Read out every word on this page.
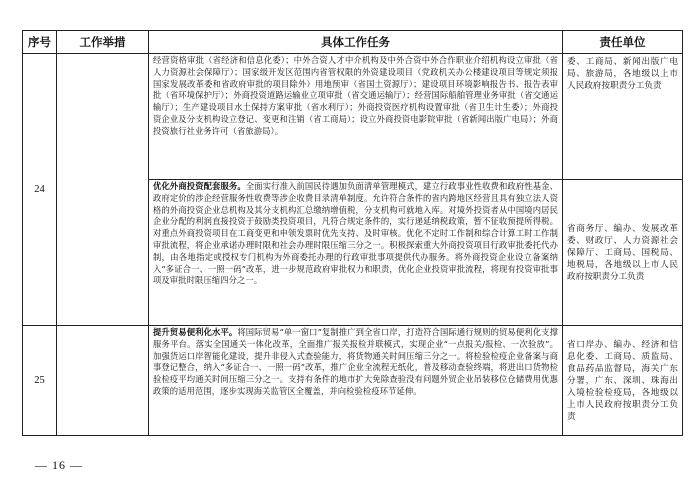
序号	工作举措	具体工作任务	责任单位
24		经营资格审批（省经济和信息化委）；中外合资人才中介机构及中外合资中外合作职业介绍机构设立审批（省人力资源社会保障厅）；国家级开发区范围内省管权限的外资建设项目（党政机关办公楼建设项目等规定须报国家发展改革委和省政府审批的项目除外）用地预审（省国土资源厅）；建设项目环境影响报告书、报告表审批（省环境保护厅）；外商投资道路运输业立项审批（省交通运输厅）；经营国际船舶管理业务审批（省交通运输厅）；生产建设项目水土保持方案审批（省水利厅）；外商投资医疗机构设置审批（省卫生计生委）；外商投资企业及分支机构设立登记、变更和注销（省工商局）；设立外商投资电影院审批（省新闻出版广电局）；外商投资旅行社业务许可（省旅游局）。	委、工商局、新闻出版广电局、旅游局，各地级以上市人民政府按职责分工负责
		优化外商投资配套服务。全面实行准入前国民待遇加负面清单管理模式，建立行政事业性收费和政府性基金、政府定价的涉企经营服务性收费等涉企收费目录清单制度。允许符合条件的省内跨地区经营且具有独立法人资格的外商投资企业总机构及其分支机构汇总缴纳增值税，分支机构可就地入库。对境外投资者从中国境内居民企业分配的利润直接投资于鼓励类投资项目，凡符合规定条件的，实行递延纳税政策，暂不征收预提所得税。对重点外商投资项目在工商变更和申领发票时优先支持、及时审核。优化不定时工作制和综合计算工时工作制审批流程，将企业承诺办理时限和社会办理时限压缩三分之一。积极探索重大外商投资项目行政审批委托代办制，由各地指定或授权专门机构为外商委托办理的行政审批事项提供代办服务。将外商投资企业设立备案纳入“多证合一、一照一码”改革，进一步规范政府审批权力和职责，优化企业投资审批流程，将现有投资审批事项及审批时限压缩四分之一。	省商务厅、编办、发展改革委、财政厅、人力资源社会保障厅、工商局、国税局、地税局，各地级以上市人民政府按职责分工负责
25		提升贸易便利化水平。将国际贸易“单一窗口”复制推广到全省口岸，打造符合国际通行规则的贸易便利化支撑服务平台。落实全国通关一体化改革，全面推广报关报检并联模式，实现企业“一点报关/报检、一次验放”。加强货运口岸智能化建设，提升非侵入式查验能力，将货物通关时间压缩三分之一。将检验检疫企业备案与商事登记整合，纳入“多证合一、一照一码”改革，推广企业全流程无纸化，普及移动查验终端，将进出口货物检验检疫平均通关时间压缩三分之一。支持有条件的地市扩大免除查验没有问题外贸企业吊装移位仓储费用优惠政策的适用范围，逐步实现海关监管区全覆盖，并向检验检疫环节延伸。	省口岸办、编办、经济和信息化委、工商局、质监局、食品药品监督局，海关广东分署，广东、深圳、珠海出入境检验检疫局，各地级以上市人民政府按职责分工负责
— 16 —
